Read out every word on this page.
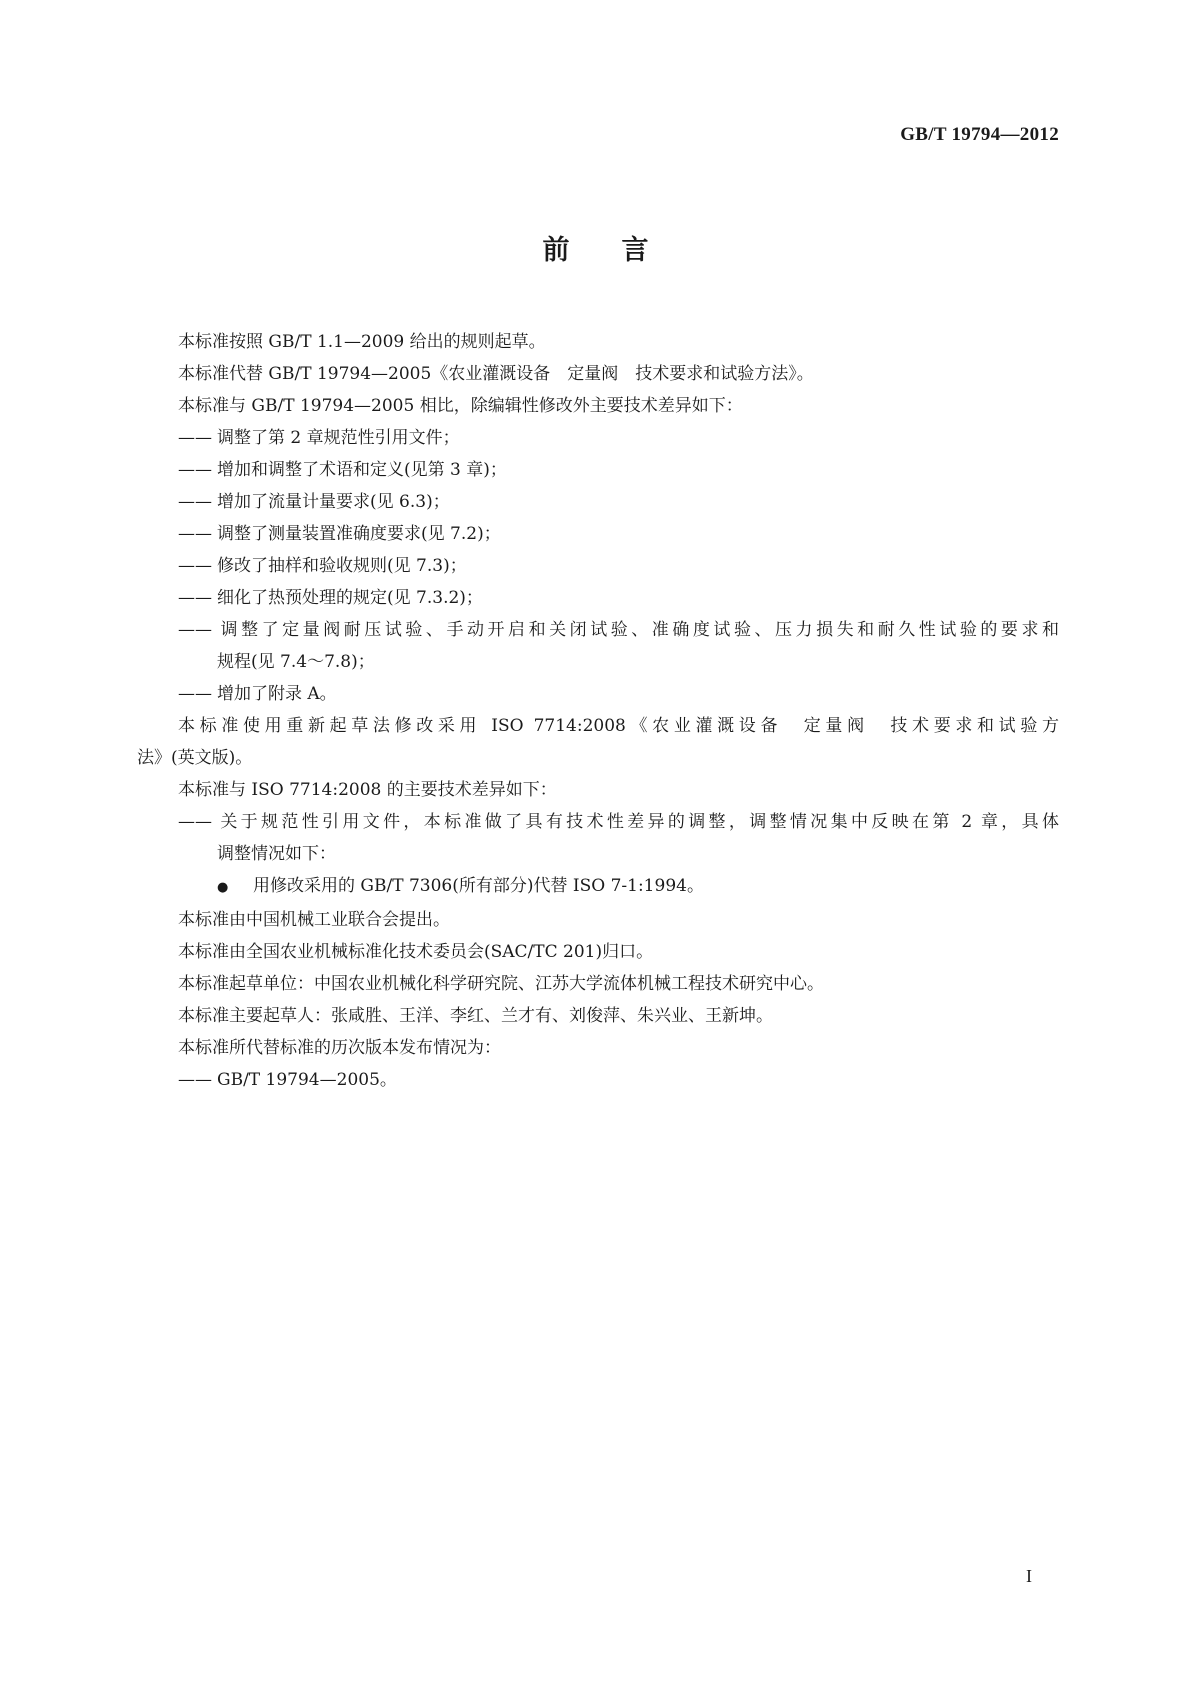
GB/T 19794—2012
前言

本标准按照 GB/T 1.1—2009 给出的规则起草。

本标准代替 GB/T 19794—2005《农业灌溉设备　定量阀　技术要求和试验方法》。

本标准与 GB/T 19794—2005 相比，除编辑性修改外主要技术差异如下：

—— 调整了第 2 章规范性引用文件；

—— 增加和调整了术语和定义(见第 3 章)；

—— 增加了流量计量要求(见 6.3)；

—— 调整了测量装置准确度要求(见 7.2)；

—— 修改了抽样和验收规则(见 7.3)；

—— 细化了热预处理的规定(见 7.3.2)；

—— 调整了定量阀耐压试验、手动开启和关闭试验、准确度试验、压力损失和耐久性试验的要求和

规程(见 7.4～7.8)；

—— 增加了附录 A。

本标准使用重新起草法修改采用 ISO 7714:2008《农业灌溉设备　定量阀　技术要求和试验方

法》(英文版)。

本标准与 ISO 7714:2008 的主要技术差异如下：

—— 关于规范性引用文件，本标准做了具有技术性差异的调整，调整情况集中反映在第 2 章，具体

调整情况如下：

● 用修改采用的 GB/T 7306(所有部分)代替 ISO 7-1:1994。

本标准由中国机械工业联合会提出。

本标准由全国农业机械标准化技术委员会(SAC/TC 201)归口。

本标准起草单位：中国农业机械化科学研究院、江苏大学流体机械工程技术研究中心。

本标准主要起草人：张咸胜、王洋、李红、兰才有、刘俊萍、朱兴业、王新坤。

本标准所代替标准的历次版本发布情况为：

—— GB/T 19794—2005。

I
